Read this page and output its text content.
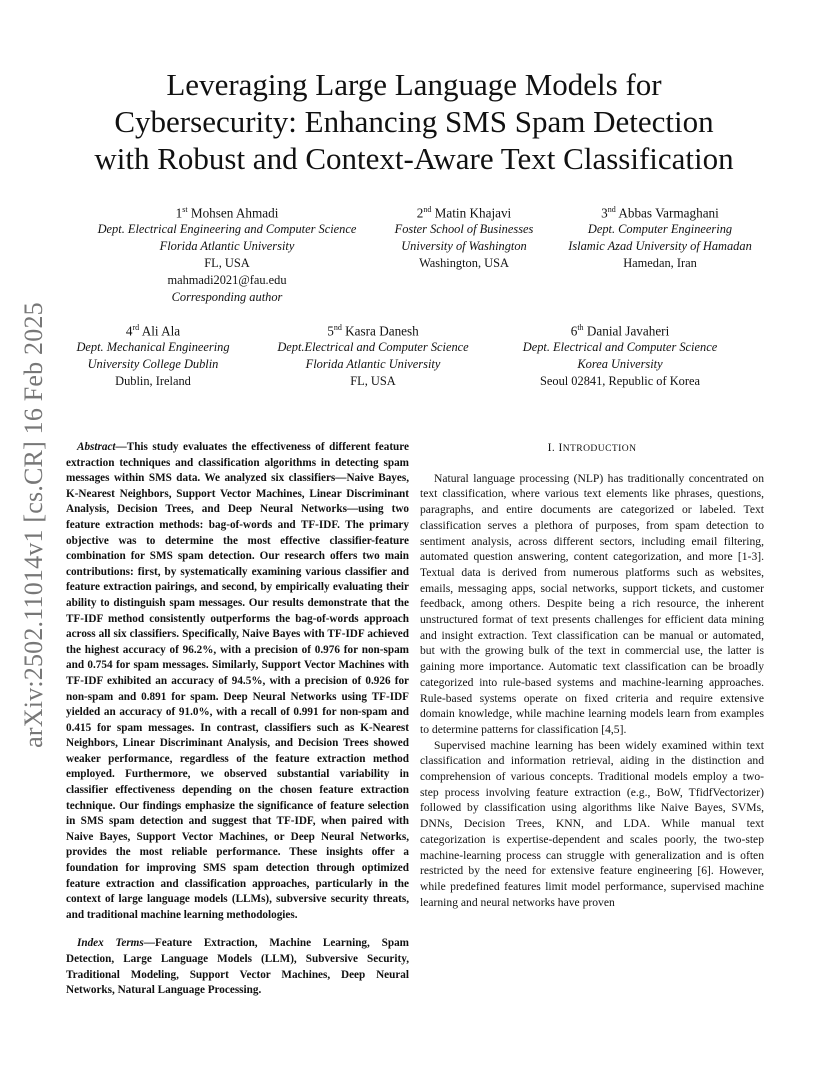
arXiv:2502.11014v1 [cs.CR] 16 Feb 2025
Leveraging Large Language Models for
Cybersecurity: Enhancing SMS Spam Detection
with Robust and Context-Aware Text Classification
1st Mohsen Ahmadi
Dept. Electrical Engineering and Computer Science
Florida Atlantic University
FL, USA
mahmadi2021@fau.edu
Corresponding author
2nd Matin Khajavi
Foster School of Businesses
University of Washington
Washington, USA
3nd Abbas Varmaghani
Dept. Computer Engineering
Islamic Azad University of Hamadan
Hamedan, Iran
4rd Ali Ala
Dept. Mechanical Engineering
University College Dublin
Dublin, Ireland
5nd Kasra Danesh
Dept.Electrical and Computer Science
Florida Atlantic University
FL, USA
6th Danial Javaheri
Dept. Electrical and Computer Science
Korea University
Seoul 02841, Republic of Korea

Abstract—This study evaluates the effectiveness of different feature extraction techniques and classification algorithms in detecting spam messages within SMS data. We analyzed six classifiers—Naive Bayes, K-Nearest Neighbors, Support Vector Machines, Linear Discriminant Analysis, Decision Trees, and Deep Neural Networks—using two feature extraction methods: bag-of-words and TF-IDF. The primary objective was to determine the most effective classifier-feature combination for SMS spam detection. Our research offers two main contributions: first, by systematically examining various classifier and feature extraction pairings, and second, by empirically evaluating their ability to distinguish spam messages. Our results demonstrate that the TF-IDF method consistently outperforms the bag-of-words approach across all six classifiers. Specifically, Naive Bayes with TF-IDF achieved the highest accuracy of 96.2%, with a precision of 0.976 for non-spam and 0.754 for spam messages. Similarly, Support Vector Machines with TF-IDF exhibited an accuracy of 94.5%, with a precision of 0.926 for non-spam and 0.891 for spam. Deep Neural Networks using TF-IDF yielded an accuracy of 91.0%, with a recall of 0.991 for non-spam and 0.415 for spam messages. In contrast, classifiers such as K-Nearest Neighbors, Linear Discriminant Analysis, and Decision Trees showed weaker performance, regardless of the feature extraction method employed. Furthermore, we observed substantial variability in classifier effectiveness depending on the chosen feature extraction technique. Our findings emphasize the significance of feature selection in SMS spam detection and suggest that TF-IDF, when paired with Naive Bayes, Support Vector Machines, or Deep Neural Networks, provides the most reliable performance. These insights offer a foundation for improving SMS spam detection through optimized feature extraction and classification approaches, particularly in the context of large language models (LLMs), subversive security threats, and traditional machine learning methodologies.

Index Terms—Feature Extraction, Machine Learning, Spam Detection, Large Language Models (LLM), Subversive Security, Traditional Modeling, Support Vector Machines, Deep Neural Networks, Natural Language Processing.

I. INTRODUCTION

Natural language processing (NLP) has traditionally concentrated on text classification, where various text elements like phrases, questions, paragraphs, and entire documents are categorized or labeled. Text classification serves a plethora of purposes, from spam detection to sentiment analysis, across different sectors, including email filtering, automated question answering, content categorization, and more [1-3]. Textual data is derived from numerous platforms such as websites, emails, messaging apps, social networks, support tickets, and customer feedback, among others. Despite being a rich resource, the inherent unstructured format of text presents challenges for efficient data mining and insight extraction. Text classification can be manual or automated, but with the growing bulk of the text in commercial use, the latter is gaining more importance. Automatic text classification can be broadly categorized into rule-based systems and machine-learning approaches. Rule-based systems operate on fixed criteria and require extensive domain knowledge, while machine learning models learn from examples to determine patterns for classification [4,5].

Supervised machine learning has been widely examined within text classification and information retrieval, aiding in the distinction and comprehension of various concepts. Traditional models employ a two-step process involving feature extraction (e.g., BoW, TfidfVectorizer) followed by classification using algorithms like Naive Bayes, SVMs, DNNs, Decision Trees, KNN, and LDA. While manual text categorization is expertise-dependent and scales poorly, the two-step machine-learning process can struggle with generalization and is often restricted by the need for extensive feature engineering [6]. However, while predefined features limit model performance, supervised machine learning and neural networks have proven
